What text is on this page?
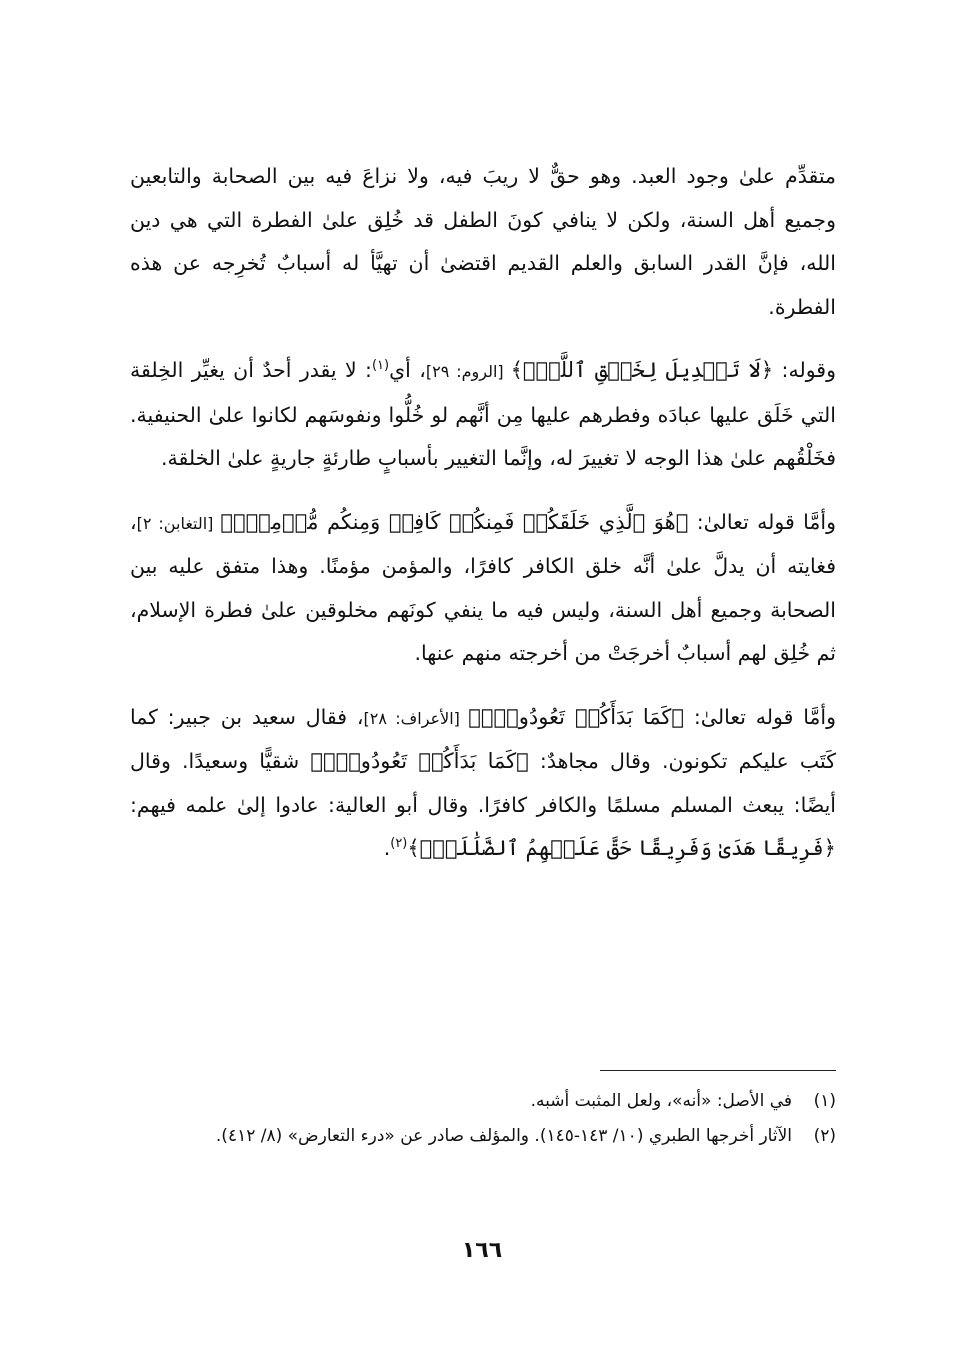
متقدِّم علىٰ وجود العبد. وهو حقٌّ لا ريبَ فيه، ولا نزاعَ فيه بين الصحابة والتابعين وجميع أهل السنة، ولكن لا ينافي كونَ الطفل قد خُلِق علىٰ الفطرة التي هي دين الله، فإنَّ القدر السابق والعلم القديم اقتضىٰ أن تهيَّأ له أسبابٌ تُخرِجه عن هذه الفطرة.

وقوله: ﴿لَا تَبۡدِيلَ لِخَلۡقِ ٱللَّهِۚ﴾ [الروم: ٢٩]، أي$^{(١)}$: لا يقدر أحدٌ أن يغيِّر الخِلقة التي خَلَق عليها عبادَه وفطرهم عليها مِن أنَّهم لو خُلُّوا ونفوسَهم لكانوا علىٰ الحنيفية. فخَلْقُهم علىٰ هذا الوجه لا تغييرَ له، وإنَّما التغيير بأسبابٍ طارئةٍ جاريةٍ علىٰ الخلقة.

وأمَّا قوله تعالىٰ: ﴿هُوَ ٱلَّذِي خَلَقَكُمۡ فَمِنكُمۡ كَافِرٞ وَمِنكُم مُّؤۡمِنٞۚ﴾ [التغابن: ٢]، فغايته أن يدلَّ علىٰ أنَّه خلق الكافر كافرًا، والمؤمن مؤمنًا. وهذا متفق عليه بين الصحابة وجميع أهل السنة، وليس فيه ما ينفي كونَهم مخلوقين علىٰ فطرة الإسلام، ثم خُلِق لهم أسبابٌ أخرجَتْ من أخرجته منهم عنها.

وأمَّا قوله تعالىٰ: ﴿كَمَا بَدَأَكُمۡ تَعُودُونَۚ﴾ [الأعراف: ٢٨]، فقال سعيد بن جبير: كما كَتَب عليكم تكونون. وقال مجاهدٌ: ﴿كَمَا بَدَأَكُمۡ تَعُودُونَۚ﴾ شقيًّا وسعيدًا. وقال أيضًا: يبعث المسلم مسلمًا والكافر كافرًا. وقال أبو العالية: عادوا إلىٰ علمه فيهم: ﴿فَرِيقًا هَدَىٰ وَفَرِيقًا حَقَّ عَلَيۡهِمُ ٱلضَّلَٰلَةُۚ﴾$^{(٢)}$.

(١)
في الأصل: «أنه»، ولعل المثبت أشبه.
(٢)
الآثار أخرجها الطبري (١٠/ ١٤٣-١٤٥). والمؤلف صادر عن «درء التعارض» (٨/ ٤١٢).
١٦٦
